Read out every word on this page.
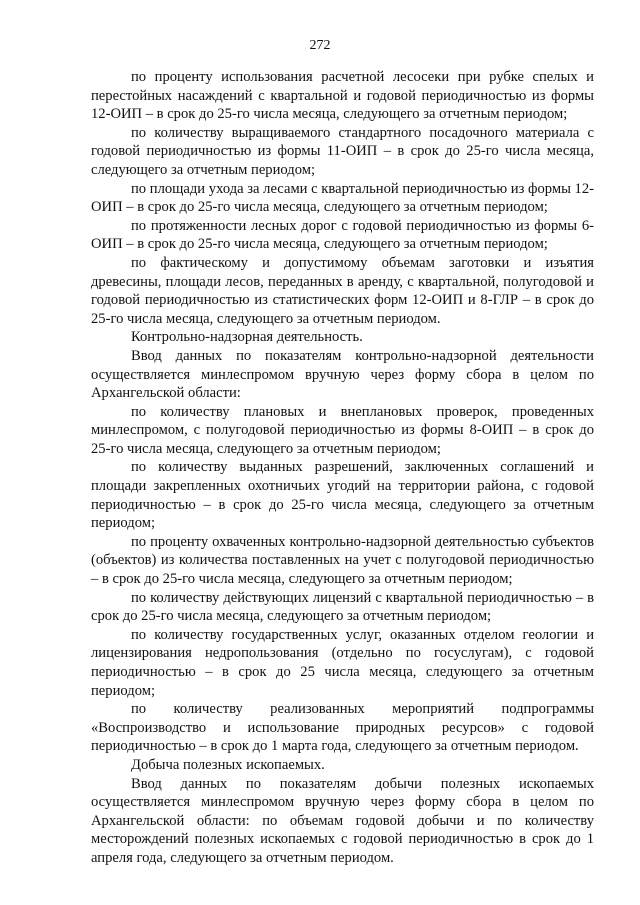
272

по проценту использования расчетной лесосеки при рубке спелых и перестойных насаждений с квартальной и годовой периодичностью из формы 12-ОИП – в срок до 25-го числа месяца, следующего за отчетным периодом;

по количеству выращиваемого стандартного посадочного материала с годовой периодичностью из формы 11-ОИП – в срок до 25-го числа месяца, следующего за отчетным периодом;

по площади ухода за лесами с квартальной периодичностью из формы 12-ОИП – в срок до 25-го числа месяца, следующего за отчетным периодом;

по протяженности лесных дорог с годовой периодичностью из формы 6-ОИП – в срок до 25-го числа месяца, следующего за отчетным периодом;

по фактическому и допустимому объемам заготовки и изъятия древесины, площади лесов, переданных в аренду, с квартальной, полугодовой и годовой периодичностью из статистических форм 12-ОИП и 8-ГЛР – в срок до 25-го числа месяца, следующего за отчетным периодом.

Контрольно-надзорная деятельность.

Ввод данных по показателям контрольно-надзорной деятельности осуществляется минлеспромом вручную через форму сбора в целом по Архангельской области:

по количеству плановых и внеплановых проверок, проведенных минлеспромом, с полугодовой периодичностью из формы 8-ОИП – в срок до 25-го числа месяца, следующего за отчетным периодом;

по количеству выданных разрешений, заключенных соглашений и площади закрепленных охотничьих угодий на территории района, с годовой периодичностью – в срок до 25-го числа месяца, следующего за отчетным периодом;

по проценту охваченных контрольно-надзорной деятельностью субъектов (объектов) из количества поставленных на учет с полугодовой периодичностью – в срок до 25-го числа месяца, следующего за отчетным периодом;

по количеству действующих лицензий с квартальной периодичностью – в срок до 25-го числа месяца, следующего за отчетным периодом;

по количеству государственных услуг, оказанных отделом геологии и лицензирования недропользования (отдельно по госуслугам), с годовой периодичностью – в срок до 25 числа месяца, следующего за отчетным периодом;

по количеству реализованных мероприятий подпрограммы «Воспроизводство и использование природных ресурсов» с годовой периодичностью – в срок до 1 марта года, следующего за отчетным периодом.

Добыча полезных ископаемых.

Ввод данных по показателям добычи полезных ископаемых осуществляется минлеспромом вручную через форму сбора в целом по Архангельской области: по объемам годовой добычи и по количеству месторождений полезных ископаемых с годовой периодичностью в срок до 1 апреля года, следующего за отчетным периодом.
